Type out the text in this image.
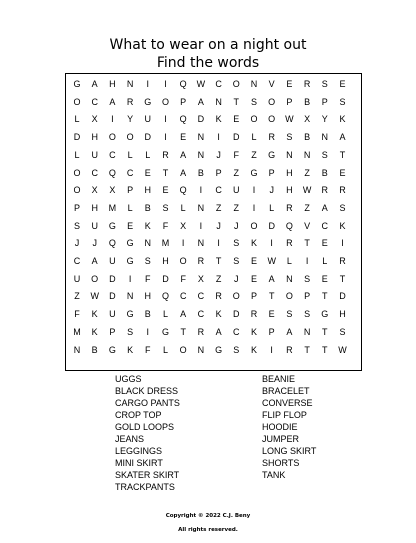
What to wear on a night out
Find the words
G	A	H	N	I	I	Q	W	C	O	N	V	E	R	S	E
O	C	A	R	G	O	P	A	N	T	S	O	P	B	P	S
L	X	I	Y	U	I	Q	D	K	E	O	O	W	X	Y	K
D	H	O	O	D	I	E	N	I	D	L	R	S	B	N	A
L	U	C	L	L	R	A	N	J	F	Z	G	N	N	S	T
O	C	Q	C	E	T	A	B	P	Z	G	P	H	Z	B	E
O	X	X	P	H	E	Q	I	C	U	I	J	H	W	R	R
P	H	M	L	B	S	L	N	Z	Z	I	L	R	Z	A	S
S	U	G	E	K	F	X	I	J	J	O	D	Q	V	C	K
J	J	Q	G	N	M	I	N	I	S	K	I	R	T	E	I
C	A	U	G	S	H	O	R	T	S	E	W	L	I	L	R
U	O	D	I	F	D	F	X	Z	J	E	A	N	S	E	T
Z	W	D	N	H	Q	C	C	R	O	P	T	O	P	T	D
F	K	U	G	B	L	A	C	K	D	R	E	S	S	G	H
M	K	P	S	I	G	T	R	A	C	K	P	A	N	T	S
N	B	G	K	F	L	O	N	G	S	K	I	R	T	T	W
UGGS
BLACK DRESS
CARGO PANTS
CROP TOP
GOLD LOOPS
JEANS
LEGGINGS
MINI SKIRT
SKATER SKIRT
TRACKPANTS
BEANIE
BRACELET
CONVERSE
FLIP FLOP
HOODIE
JUMPER
LONG SKIRT
SHORTS
TANK
Copyright © 2022 C.J. Beny
All rights reserved.
